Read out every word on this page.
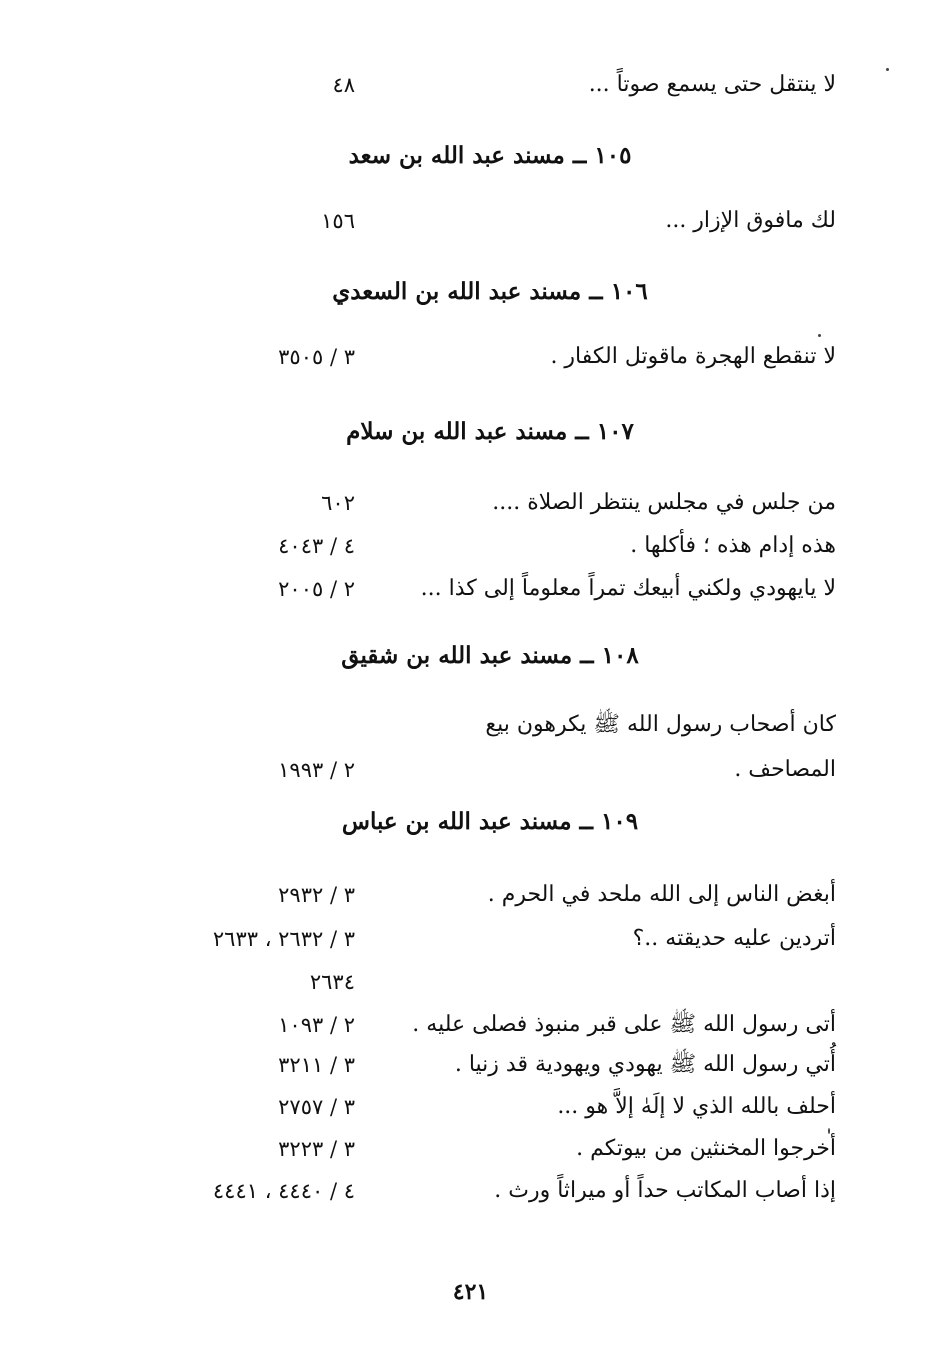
لا ينتقل حتى يسمع صوتاً ...
٤٨
١٠٥ ــ مسند عبد الله بن سعد
لك مافوق الإزار ...
١٥٦
١٠٦ ــ مسند عبد الله بن السعدي
لا تنقطع الهجرة ماقوتل الكفار .
٣ / ٣٥٠٥
١٠٧ ــ مسند عبد الله بن سلام
من جلس في مجلس ينتظر الصلاة ....
٦٠٢
هذه إدام هذه ؛ فأكلها .
٤ / ٤٠٤٣
لا يايهودي ولكني أبيعك تمراً معلوماً إلى كذا ...
٢ / ٢٠٠٥
١٠٨ ــ مسند عبد الله بن شقيق
كان أصحاب رسول الله ﷺ يكرهون بيع
المصاحف .
٢ / ١٩٩٣
١٠٩ ــ مسند عبد الله بن عباس
أبغض الناس إلى الله ملحد في الحرم .
٣ / ٢٩٣٢
أتردين عليه حديقته ..؟
٣ / ٢٦٣٢ ، ٢٦٣٣
٢٦٣٤
أتى رسول الله ﷺ على قبر منبوذ فصلى عليه .
٢ / ١٠٩٣
أُتي رسول الله ﷺ يهودي ويهودية قد زنيا .
٣ / ٣٢١١
أحلف بالله الذي لا إلَهٰ إلاَّ هو ...
٣ / ٢٧٥٧
أخرجوا المخنثين من بيوتكم .
٣ / ٣٢٢٣
إذا أصاب المكاتب حداً أو ميراثاً ورث .
٤ / ٤٤٤٠ ، ٤٤٤١
٤٢١
